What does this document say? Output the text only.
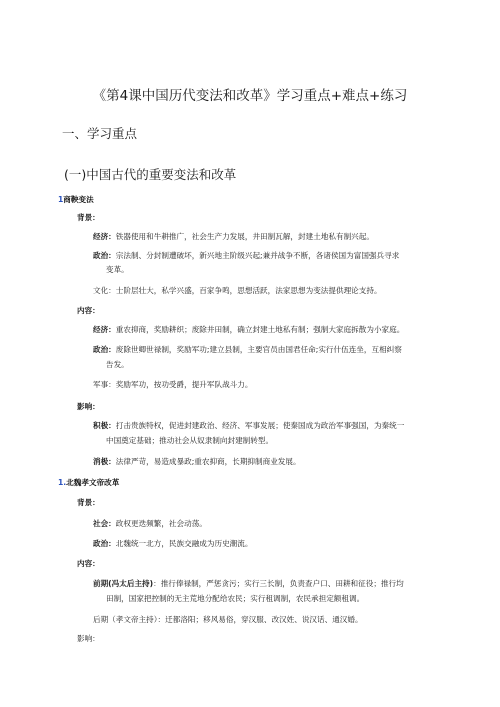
《第4课中国历代变法和改革》学习重点+难点+练习
一、学习重点
(一)中国古代的重要变法和改革
1商鞅变法
背景：
经济：铁器使用和牛耕推广，社会生产力发展，井田制瓦解，封建土地私有制兴起。
政治：宗法制、分封制遭破坏，新兴地主阶级兴起;兼并战争不断，各诸侯国为富国强兵寻求
变革。
文化：士阶层壮大，私学兴盛，百家争鸣，思想活跃，法家思想为变法提供理论支持。
内容：
经济：重农抑商，奖励耕织；废除井田制，确立封建土地私有制；强制大家庭拆散为小家庭。
政治：废除世卿世禄制，奖励军功;建立县制，主要官员由国君任命;实行什伍连坐，互相纠察
告发。
军事：奖励军功，按功受爵，提升军队战斗力。
影响：
积极：打击贵族特权，促进封建政治、经济、军事发展；使秦国成为政治军事强国，为秦统一
中国奠定基础；推动社会从奴隶制向封建制转型。
消极：法律严苛，易造成暴政;重农抑商，长期抑制商业发展。
1.北魏孝文帝改革
背景：
社会：政权更迭频繁，社会动荡。
政治：北魏统一北方，民族交融成为历史潮流。
内容：
前期(冯太后主持)：推行俸禄制，严惩贪污；实行三长制，负责查户口、田耕和征役；推行均
田制，国家把控制的无主荒地分配给农民；实行租调制，农民承担定额租调。
后期（孝文帝主持）：迁都洛阳；移风易俗，穿汉服、改汉姓、说汉话、通汉婚。
影响：
